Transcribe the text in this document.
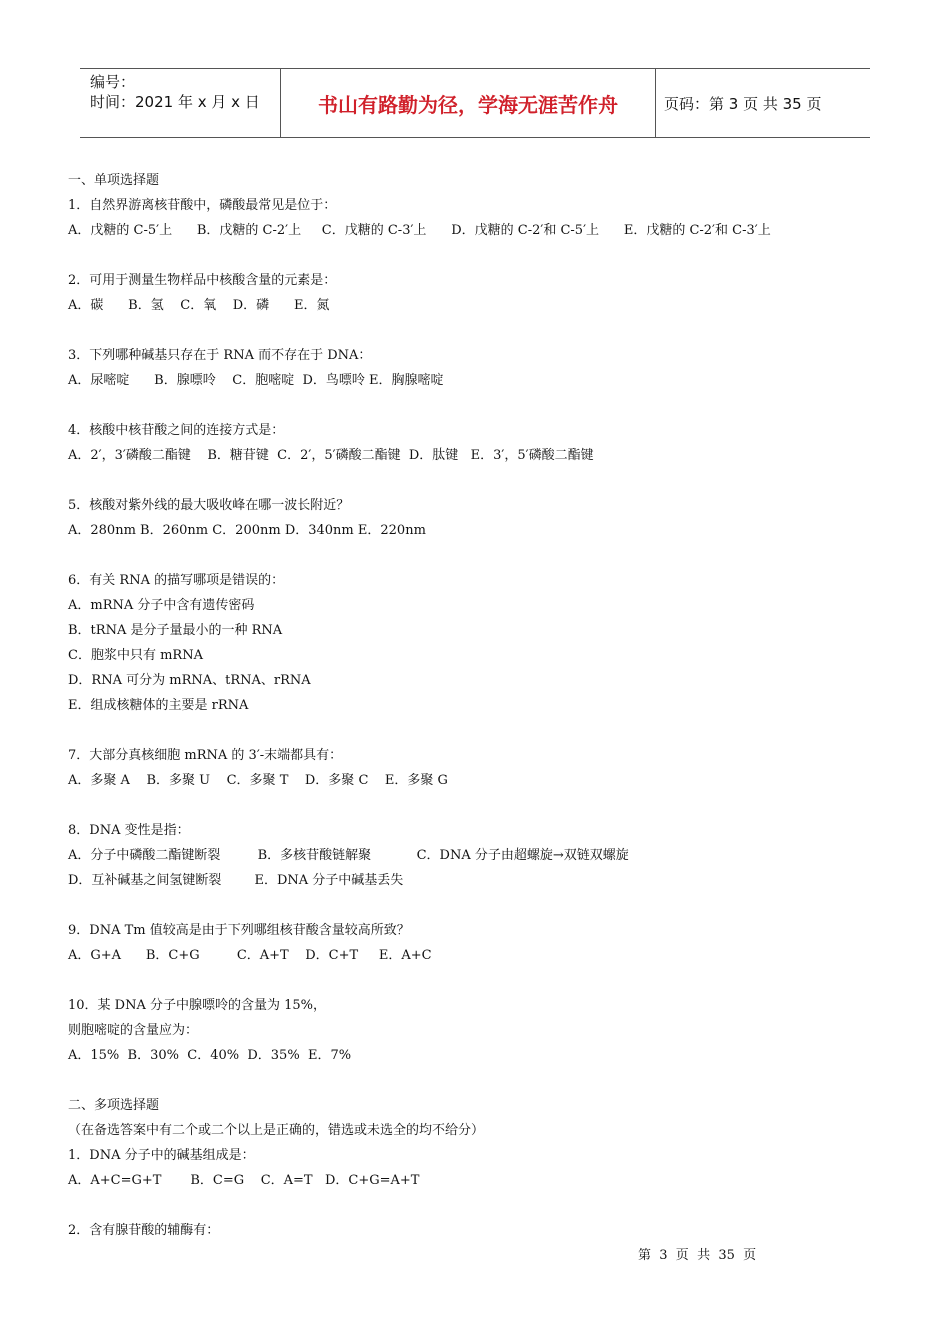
编号：
时间：2021 年 x 月 x 日	书山有路勤为径，学海无涯苦作舟	页码：第 3 页 共 35 页
一、单项选择题
1．自然界游离核苷酸中，磷酸最常见是位于：
A．戊糖的 C-5′上      B．戊糖的 C-2′上     C．戊糖的 C-3′上      D．戊糖的 C-2′和 C-5′上      E．戊糖的 C-2′和 C-3′上
2．可用于测量生物样品中核酸含量的元素是：
A．碳      B．氢    C．氧    D．磷      E．氮
3．下列哪种碱基只存在于 RNA 而不存在于 DNA：
A．尿嘧啶      B．腺嘌呤    C．胞嘧啶  D．鸟嘌呤 E．胸腺嘧啶
4．核酸中核苷酸之间的连接方式是：
A．2′，3′磷酸二酯键    B．糖苷键  C．2′，5′磷酸二酯键  D．肽键   E．3′，5′磷酸二酯键
5．核酸对紫外线的最大吸收峰在哪一波长附近？
A．280nm B．260nm C．200nm D．340nm E．220nm
6．有关 RNA 的描写哪项是错误的：
A．mRNA 分子中含有遗传密码
B．tRNA 是分子量最小的一种 RNA
C．胞浆中只有 mRNA
D．RNA 可分为 mRNA、tRNA、rRNA
E．组成核糖体的主要是 rRNA
7．大部分真核细胞 mRNA 的 3′-末端都具有：
A．多聚 A    B．多聚 U    C．多聚 T    D．多聚 C    E．多聚 G
8．DNA 变性是指：
A．分子中磷酸二酯键断裂         B．多核苷酸链解聚           C．DNA 分子由超螺旋→双链双螺旋
D．互补碱基之间氢键断裂        E．DNA 分子中碱基丢失
9．DNA Tm 值较高是由于下列哪组核苷酸含量较高所致？
A．G+A      B．C+G         C．A+T    D．C+T     E．A+C
10．某 DNA 分子中腺嘌呤的含量为 15%，
则胞嘧啶的含量应为：
A．15%  B．30%  C．40%  D．35%  E．7%
二、多项选择题
（在备选答案中有二个或二个以上是正确的，错选或未选全的均不给分）
1．DNA 分子中的碱基组成是：
A．A+C=G+T       B．C=G    C．A=T   D．C+G=A+T
2．含有腺苷酸的辅酶有：
第  3  页  共  35  页
